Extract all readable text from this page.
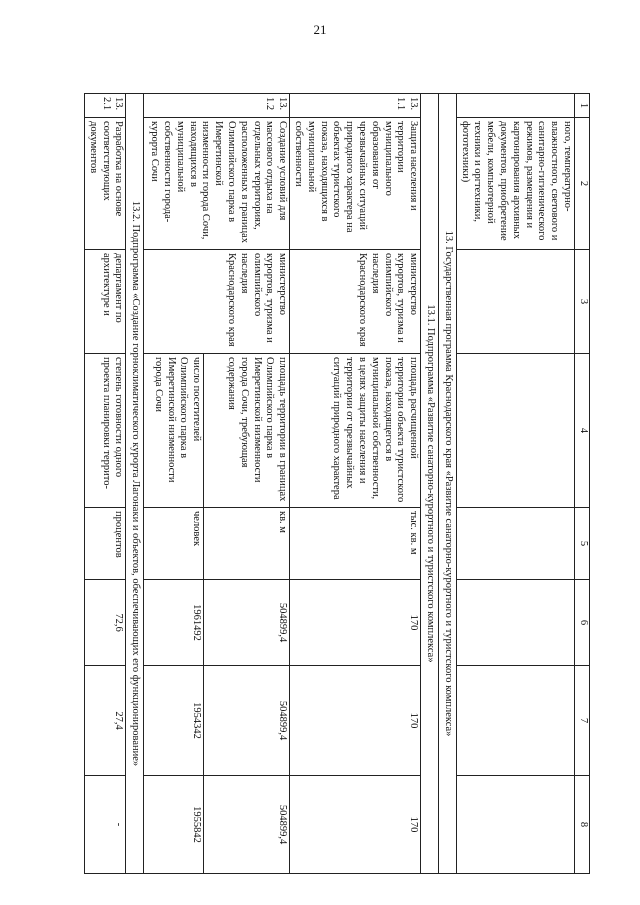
21
1	2	3	4	5	6	7	8
	ного, температурно-влажностного, светового и санитарно-гигиенического режимов, размещения и картонирования архивных документов, приобретение мебели, компьютерной техники и оргтехники, фототехники)						
13. Государственная программа Краснодарского края «Развитие санаторно-курортного и туристского комплекса»							
13.1. Подпрограмма «Развитие санаторно-курортного и туристского комплекса»							
13.1.1	Защита населения и территории муниципального образования от чрезвычайных ситуаций природного характера на объектах туристского показа, находящихся в муниципальной собственности	министерство курортов, туризма и олимпийского наследия Краснодарского края	площадь расчищенной территории объекта туристского показа, находящегося в муниципальной собственности, в целях защиты населения и территории от чрезвычайных ситуаций природного характера	тыс. кв. м	170	170	170
13.1.2	Создание условий для массового отдыха на отдельных территориях, расположенных в границах Олимпийского парка в Имеретинской низменности города Сочи, находящихся в муниципальной собственности города-курорта Сочи	министерство курортов, туризма и олимпийского наследия Краснодарского края	площадь территории в границах Олимпийского парка в Имеретинской низменности города Сочи, требующая содержания	кв. м	504899,4	504899,4	504899,4
			число посетителей Олимпийского парка в Имеретинской низменности города Сочи	человек	1961492	1954342	1955842
13.2. Подпрограмма «Создание горноклиматического курорта Лагонаки и объектов, обеспечивающих его функционирование»							
13.2.1	Разработка на основе соответствующих документов	департамент по архитектуре и	степень готовности одного проекта планировки террито-	процентов	72,6	27,4	-
